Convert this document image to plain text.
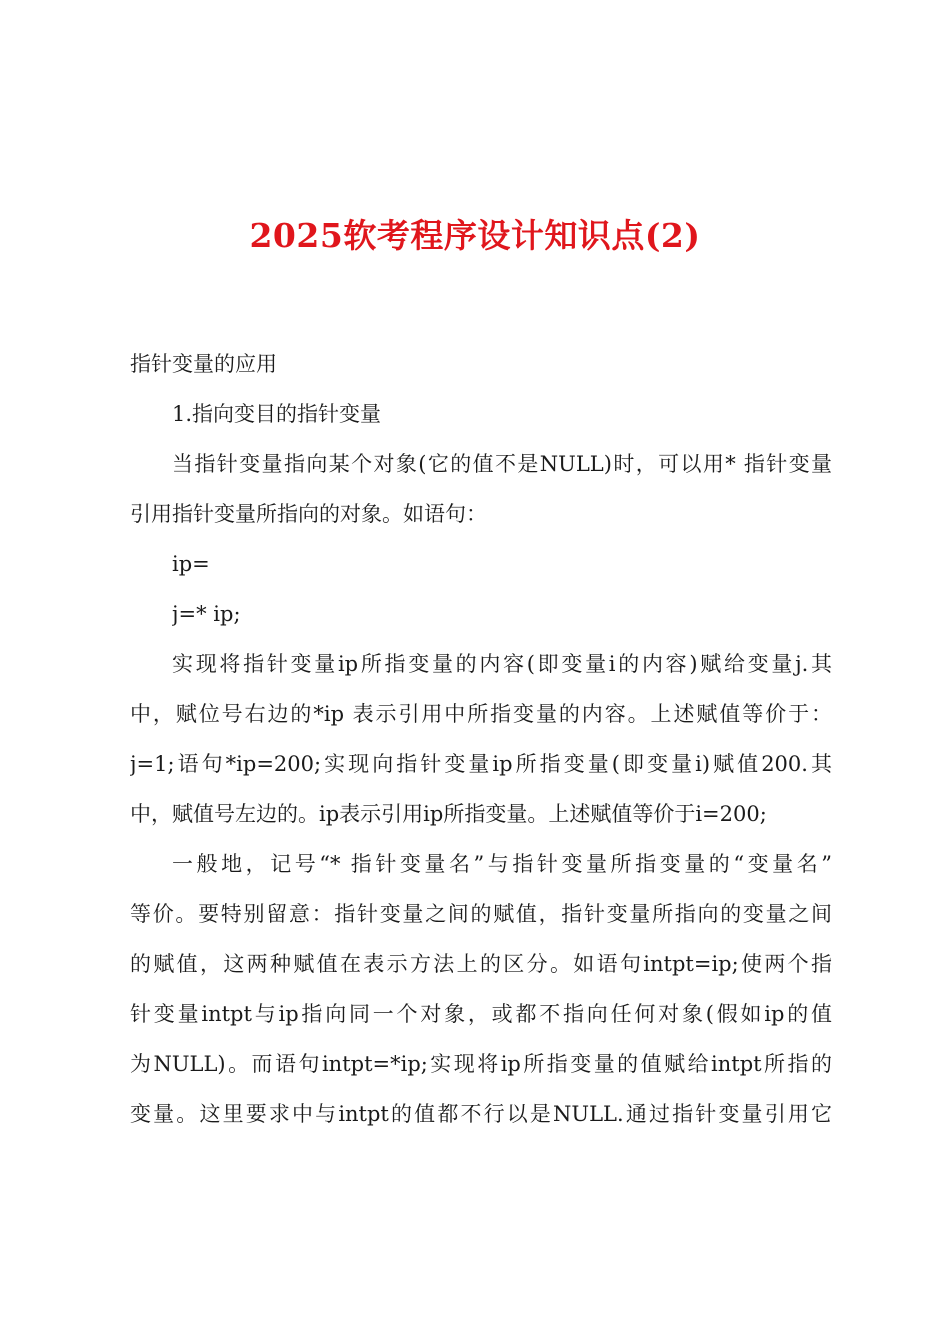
2025软考程序设计知识点(2)
指针变量的应用
1.指向变目的指针变量
当指针变量指向某个对象(它的值不是NULL)时，可以用* 指针变量
引用指针变量所指向的对象。如语句：
ip=
j=* ip;
实现将指针变量ip所指变量的内容(即变量i的内容)赋给变量j.其
中，赋位号右边的*ip 表示引用中所指变量的内容。上述赋值等价于：
j=1;语句*ip=200;实现向指针变量ip所指变量(即变量i)赋值200.其
中，赋值号左边的。ip表示引用ip所指变量。上述赋值等价于i=200;
一般地，记号“* 指针变量名”与指针变量所指变量的“变量名”
等价。要特别留意：指针变量之间的赋值，指针变量所指向的变量之间
的赋值，这两种赋值在表示方法上的区分。如语句intpt=ip;使两个指
针变量intpt与ip指向同一个对象，或都不指向任何对象(假如ip的值
为NULL)。而语句intpt=*ip;实现将ip所指变量的值赋给intpt所指的
变量。这里要求中与intpt的值都不行以是NULL.通过指针变量引用它
